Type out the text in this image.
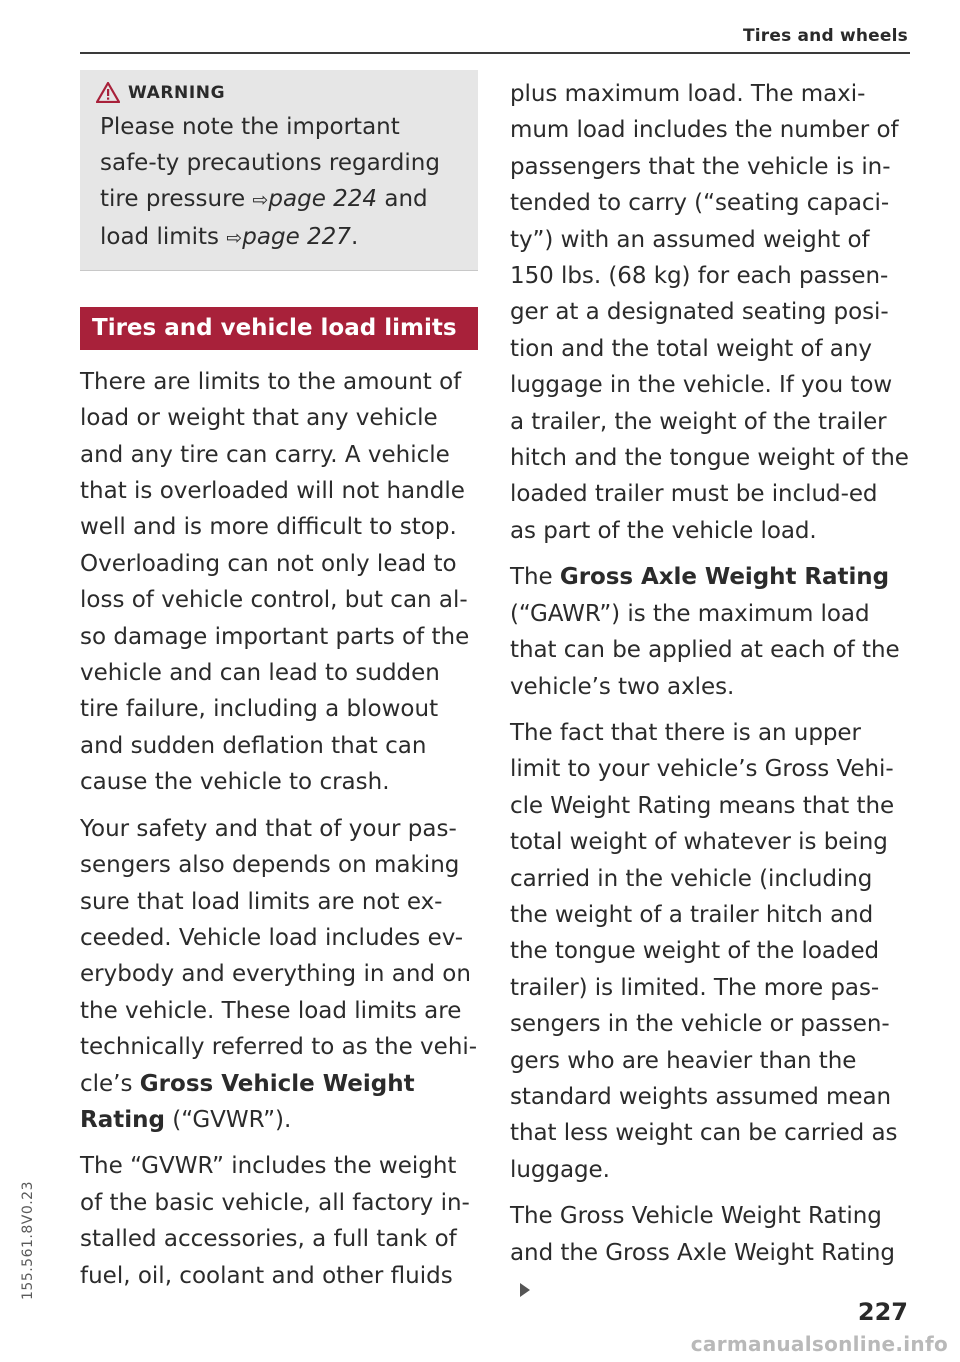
Tires and wheels
155.561.8V0.23
WARNING

Please note the important safe-ty precautions regarding tire pressure ⇨page 224 and load limits ⇨page 227.

Tires and vehicle load limits

There are limits to the amount of load or weight that any vehicle and any tire can carry. A vehicle that is overloaded will not handle well and is more difficult to stop. Overloading can not only lead to loss of vehicle control, but can al-so damage important parts of the vehicle and can lead to sudden tire failure, including a blowout and sudden deflation that can cause the vehicle to crash.

Your safety and that of your pas-sengers also depends on making sure that load limits are not ex-ceeded. Vehicle load includes ev-erybody and everything in and on the vehicle. These load limits are technically referred to as the vehi-cle’s Gross Vehicle Weight Rating (“GVWR”).

The “GVWR” includes the weight of the basic vehicle, all factory in-stalled accessories, a full tank of fuel, oil, coolant and other fluids

plus maximum load. The maxi-mum load includes the number of passengers that the vehicle is in-tended to carry (“seating capaci-ty”) with an assumed weight of 150 lbs. (68 kg) for each passen-ger at a designated seating posi-tion and the total weight of any luggage in the vehicle. If you tow a trailer, the weight of the trailer hitch and the tongue weight of the loaded trailer must be includ-ed as part of the vehicle load.

The Gross Axle Weight Rating (“GAWR”) is the maximum load that can be applied at each of the vehicle’s two axles.

The fact that there is an upper limit to your vehicle’s Gross Vehi-cle Weight Rating means that the total weight of whatever is being carried in the vehicle (including the weight of a trailer hitch and the tongue weight of the loaded trailer) is limited. The more pas-sengers in the vehicle or passen-gers who are heavier than the standard weights assumed mean that less weight can be carried as luggage.

The Gross Vehicle Weight Rating and the Gross Axle Weight Rating

227
carmanualsonline.info
